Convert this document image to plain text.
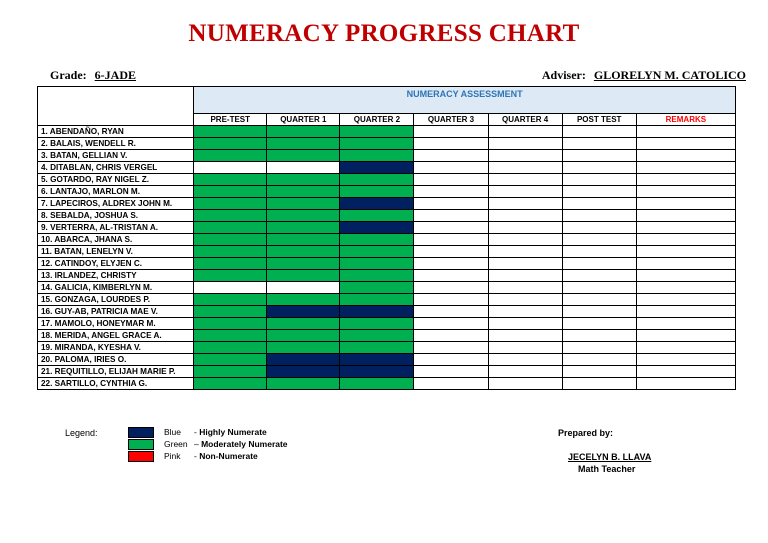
NUMERACY PROGRESS CHART
Grade: 6-JADE	Adviser: GLORELYN M. CATOLICO
	NUMERACY ASSESSMENT						
	PRE-TEST	QUARTER 1	QUARTER 2	QUARTER 3	QUARTER 4	POST TEST	REMARKS
1. ABENDAÑO, RYAN							
2. BALAIS, WENDELL R.							
3. BATAN, GELLIAN V.							
4. DITABLAN, CHRIS VERGEL							
5. GOTARDO, RAY NIGEL Z.							
6. LANTAJO, MARLON M.							
7. LAPECIROS, ALDREX JOHN M.							
8. SEBALDA, JOSHUA S.							
9. VERTERRA, AL-TRISTAN A.							
10. ABARCA, JHANA S.							
11. BATAN, LENELYN V.							
12. CATINDOY, ELYJEN C.							
13. IRLANDEZ, CHRISTY							
14. GALICIA, KIMBERLYN M.							
15. GONZAGA, LOURDES P.							
16. GUY-AB, PATRICIA MAE V.							
17. MAMOLO, HONEYMAR M.							
18. MERIDA, ANGEL GRACE A.							
19. MIRANDA, KYESHA V.							
20. PALOMA, IRIES O.							
21. REQUITILLO, ELIJAH MARIE P.							
22. SARTILLO, CYNTHIA G.							
Legend:	Blue	- Highly Numerate
Green – Moderately Numerate
Pink	- Non-Numerate
Prepared by:
JECELYN B. LLAVA
Math Teacher
